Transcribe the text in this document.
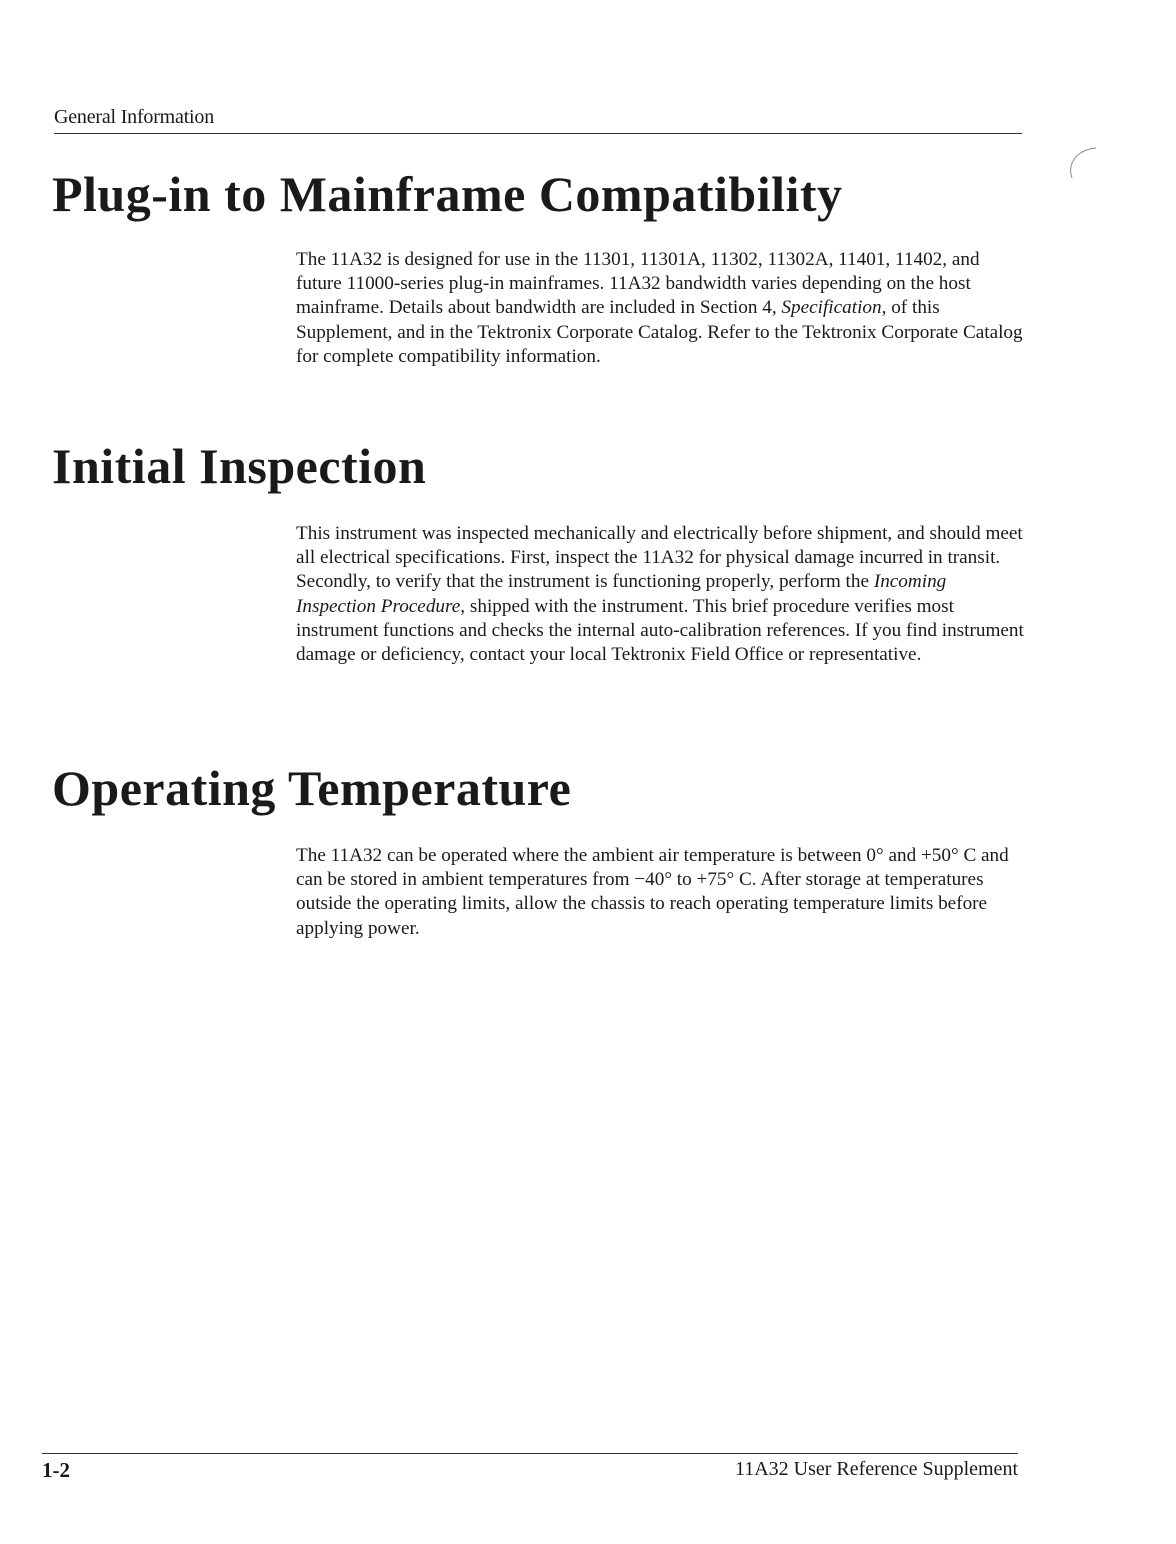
General Information
Plug-in to Mainframe Compatibility

The 11A32 is designed for use in the 11301, 11301A, 11302, 11302A, 11401, 11402, and future 11000-series plug-in mainframes. 11A32 bandwidth varies depending on the host mainframe. Details about bandwidth are included in Section 4, Specification, of this Supplement, and in the Tektronix Corporate Catalog. Refer to the Tektronix Corporate Catalog for complete compatibility information.

Initial Inspection

This instrument was inspected mechanically and electrically before shipment, and should meet all electrical specifications. First, inspect the 11A32 for physical damage incurred in transit. Secondly, to verify that the instrument is functioning properly, perform the Incoming Inspection Procedure, shipped with the instrument. This brief procedure verifies most instrument functions and checks the internal auto-calibration references. If you find instrument damage or deficiency, contact your local Tektronix Field Office or representative.

Operating Temperature

The 11A32 can be operated where the ambient air temperature is between 0° and +50° C and can be stored in ambient temperatures from −40° to +75° C. After storage at temperatures outside the operating limits, allow the chassis to reach operating temperature limits before applying power.

1-2	11A32 User Reference Supplement
